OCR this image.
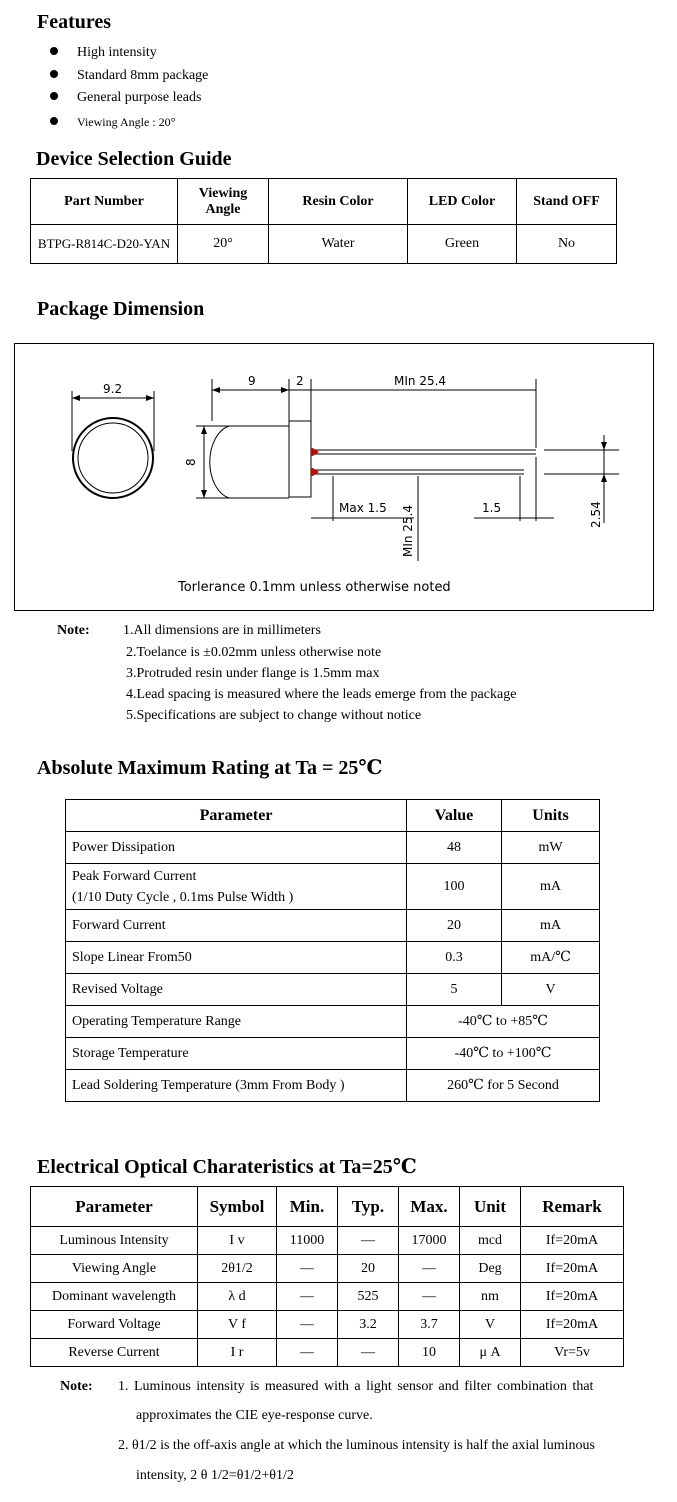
Features
High intensity
Standard 8mm package
General purpose leads
Viewing Angle : 20°
Device Selection Guide
Part Number	Viewing Angle	Resin Color	LED Color	Stand OFF
BTPG-R814C-D20-YAN	20°	Water	Green	No
Package Dimension
9.2
9	2	MIn 25.4
8
Max 1.5 MIn 25.4	1.5	2.54
Torlerance 0.1mm unless otherwise noted
Note: 1.All dimensions are in millimeters
2.Toelance is ±0.02mm unless otherwise note
3.Protruded resin under flange is 1.5mm max
4.Lead spacing is measured where the leads emerge from the package
5.Specifications are subject to change without notice
Absolute Maximum Rating at Ta = 25℃
Parameter	Value	Units
Power Dissipation	48	mW

Peak Forward Current
(1/10 Duty Cycle , 0.1ms Pulse Width )	100	mA
Forward Current	20	mA
Slope Linear From50	0.3	mA/℃
Revised Voltage	5	V
Operating Temperature Range	-40℃ to +85℃	
Storage Temperature	-40℃ to +100℃	
Lead Soldering Temperature (3mm From Body )	260℃ for 5 Second	
Electrical Optical Charateristics at Ta=25℃
Parameter	Symbol	Min.	Typ.	Max.	Unit	Remark
Luminous Intensity	I v	11000	—	17000	mcd	If=20mA
Viewing Angle	2θ1/2	—	20	—	Deg	If=20mA
Dominant wavelength	λ d	—	525	—	nm	If=20mA
Forward Voltage	V f	—	3.2	3.7	V	If=20mA
Reverse Current	I r	—	—	10	μ A	Vr=5v
Note: 1. Luminous intensity is measured with a light sensor and filter combination that
approximates the CIE eye-response curve.
2. θ1/2 is the off-axis angle at which the luminous intensity is half the axial luminous
intensity, 2 θ 1/2=θ1/2+θ1/2
